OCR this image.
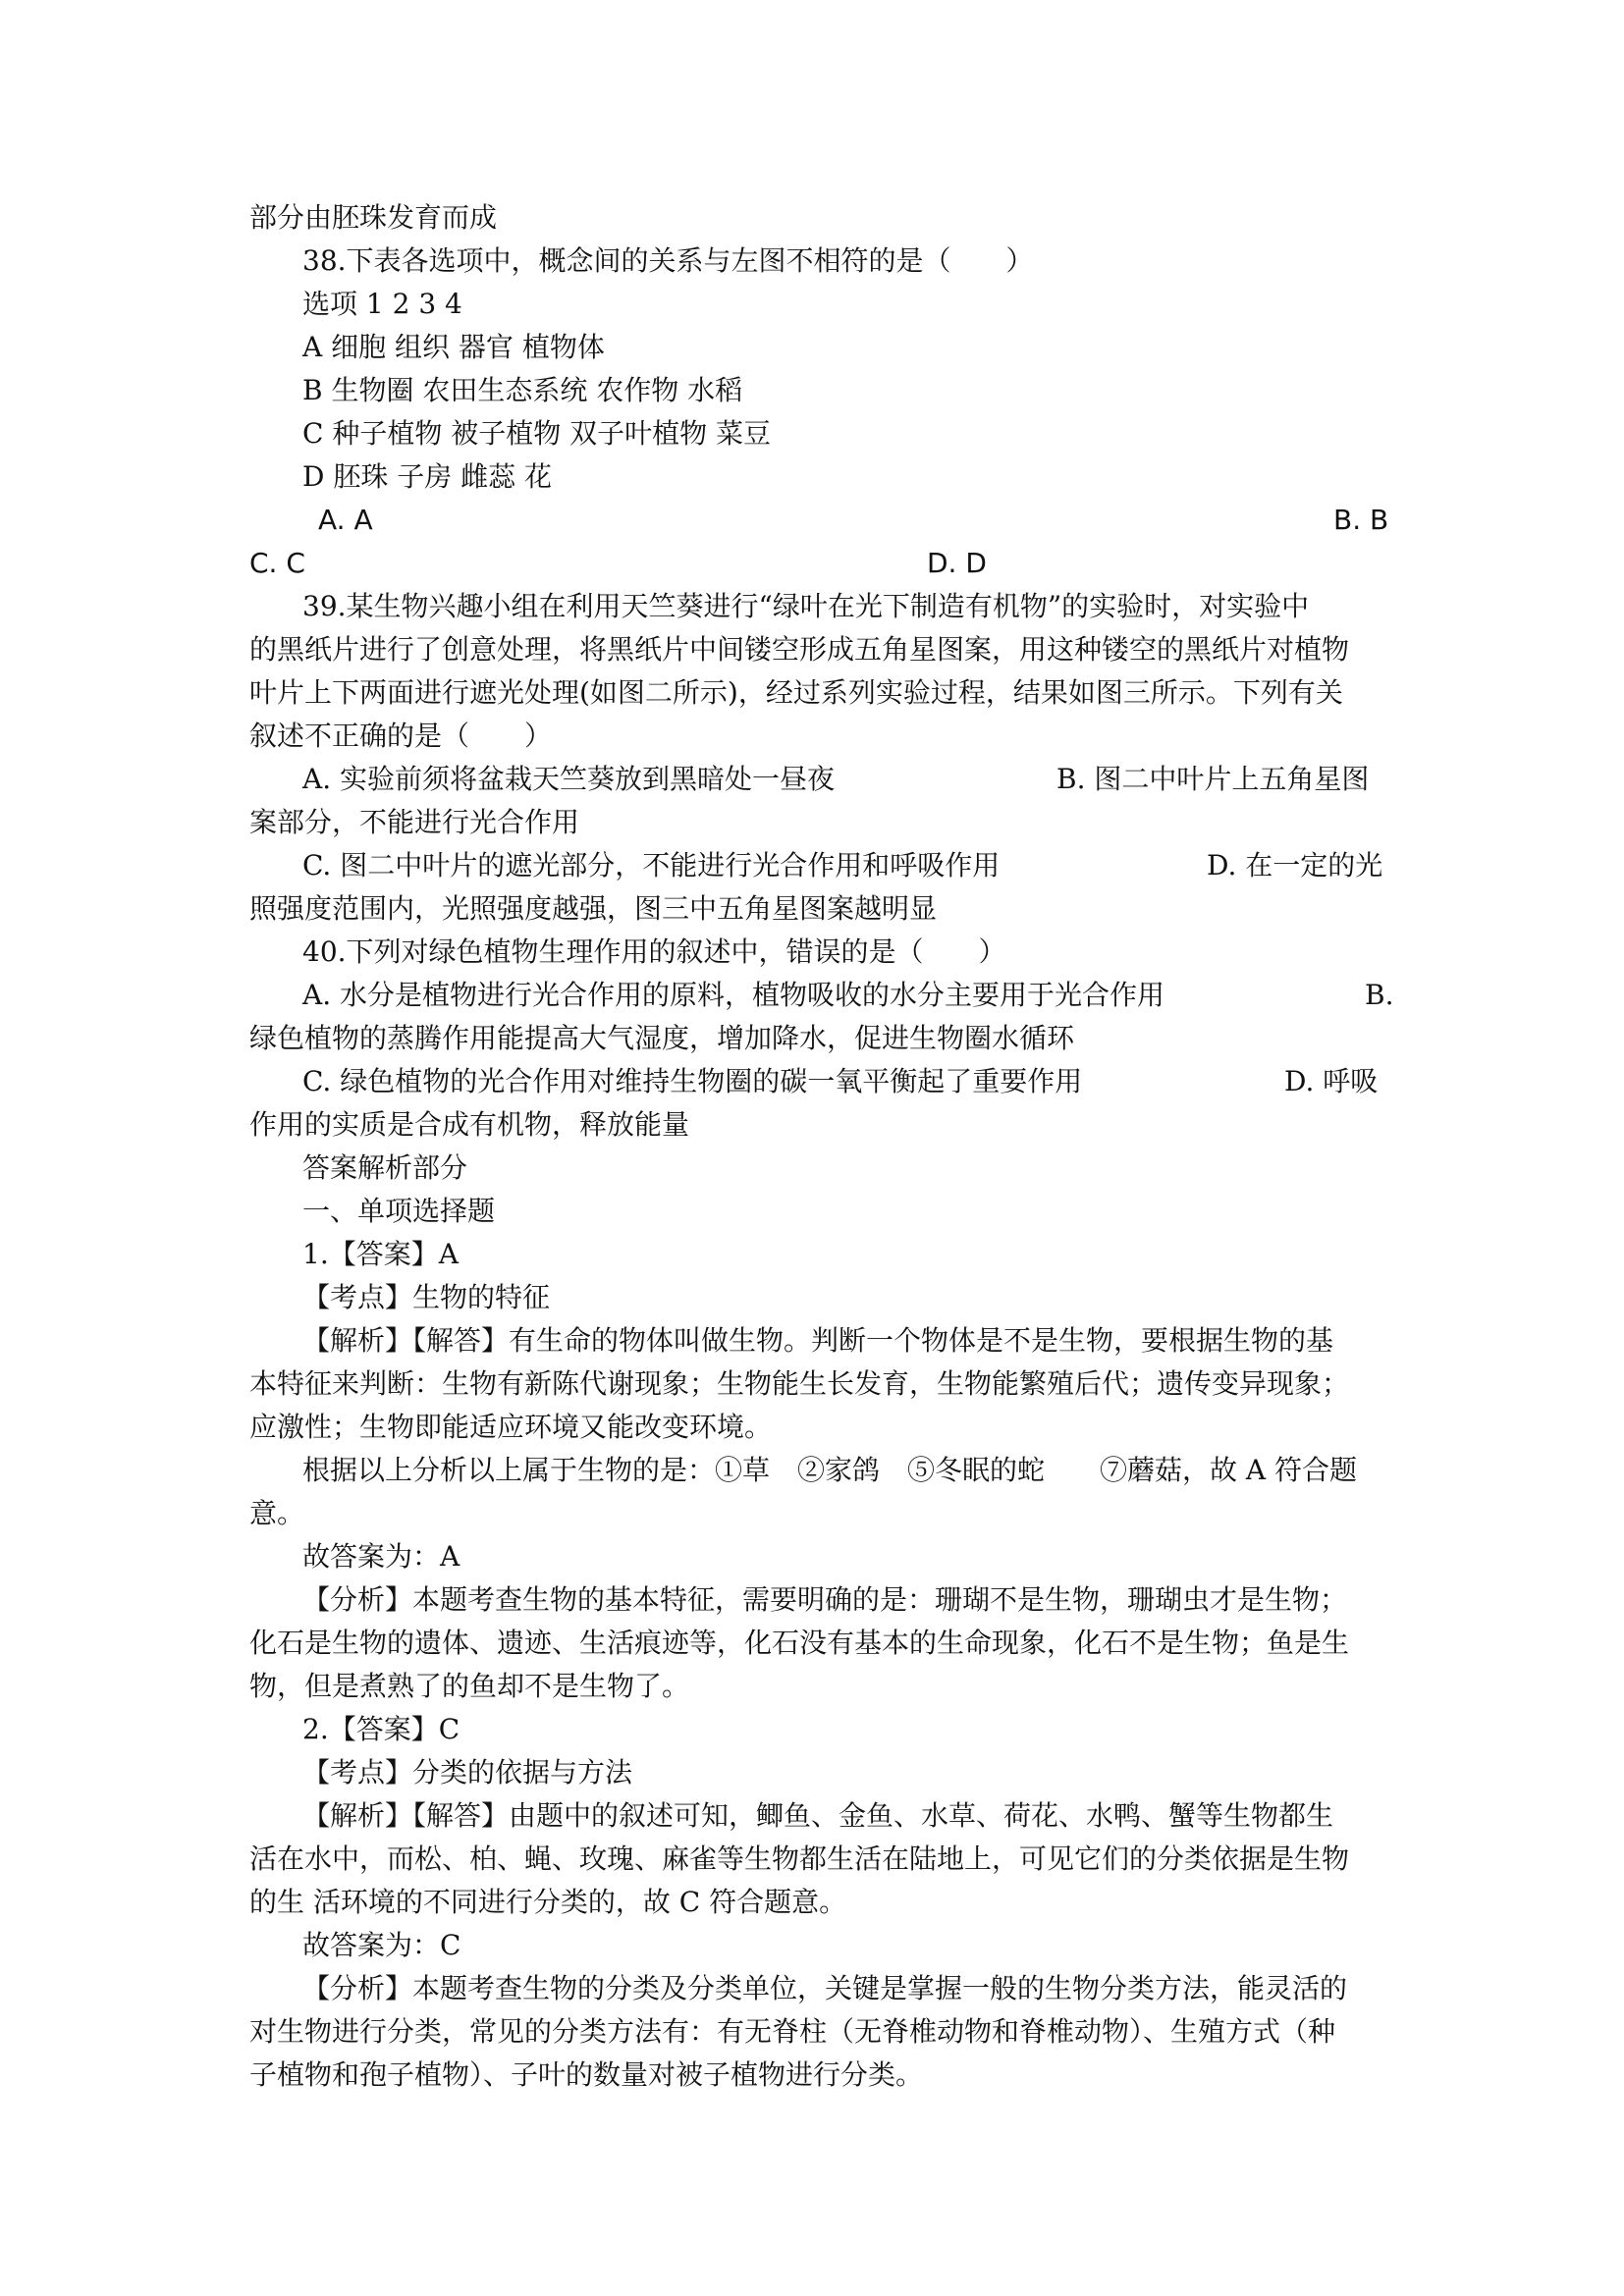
部分由胚珠发育而成
38.下表各选项中，概念间的关系与左图不相符的是（　　）
选项 1 2 3 4
A 细胞 组织 器官 植物体
B 生物圈 农田生态系统 农作物 水稻
C 种子植物 被子植物 双子叶植物 菜豆
D 胚珠 子房 雌蕊 花
A. A	B. B
C. C	D. D
39.某生物兴趣小组在利用天竺葵进行“绿叶在光下制造有机物”的实验时，对实验中
的黑纸片进行了创意处理，将黑纸片中间镂空形成五角星图案，用这种镂空的黑纸片对植物
叶片上下两面进行遮光处理(如图二所示)，经过系列实验过程，结果如图三所示。下列有关
叙述不正确的是（　　）
A. 实验前须将盆栽天竺葵放到黑暗处一昼夜	B. 图二中叶片上五角星图
案部分，不能进行光合作用
C. 图二中叶片的遮光部分，不能进行光合作用和呼吸作用	D. 在一定的光
照强度范围内，光照强度越强，图三中五角星图案越明显
40.下列对绿色植物生理作用的叙述中，错误的是（　　）
A. 水分是植物进行光合作用的原料，植物吸收的水分主要用于光合作用	B.
绿色植物的蒸腾作用能提高大气湿度，增加降水，促进生物圈水循环
C. 绿色植物的光合作用对维持生物圈的碳一氧平衡起了重要作用	D. 呼吸
作用的实质是合成有机物，释放能量
答案解析部分
一、单项选择题
1.【答案】A
【考点】生物的特征
【解析】【解答】有生命的物体叫做生物。判断一个物体是不是生物，要根据生物的基
本特征来判断：生物有新陈代谢现象；生物能生长发育，生物能繁殖后代；遗传变异现象；
应激性；生物即能适应环境又能改变环境。
根据以上分析以上属于生物的是：①草　②家鸽　⑤冬眠的蛇　　⑦蘑菇，故 A 符合题
意。
故答案为：A
【分析】本题考查生物的基本特征，需要明确的是：珊瑚不是生物，珊瑚虫才是生物；
化石是生物的遗体、遗迹、生活痕迹等，化石没有基本的生命现象，化石不是生物；鱼是生
物，但是煮熟了的鱼却不是生物了。
2.【答案】C
【考点】分类的依据与方法
【解析】【解答】由题中的叙述可知，鲫鱼、金鱼、水草、荷花、水鸭、蟹等生物都生
活在水中，而松、柏、蝇、玫瑰、麻雀等生物都生活在陆地上，可见它们的分类依据是生物
的生 活环境的不同进行分类的，故 C 符合题意。
故答案为：C
【分析】本题考查生物的分类及分类单位，关键是掌握一般的生物分类方法，能灵活的
对生物进行分类，常见的分类方法有：有无脊柱（无脊椎动物和脊椎动物）、生殖方式（种
子植物和孢子植物）、子叶的数量对被子植物进行分类。
